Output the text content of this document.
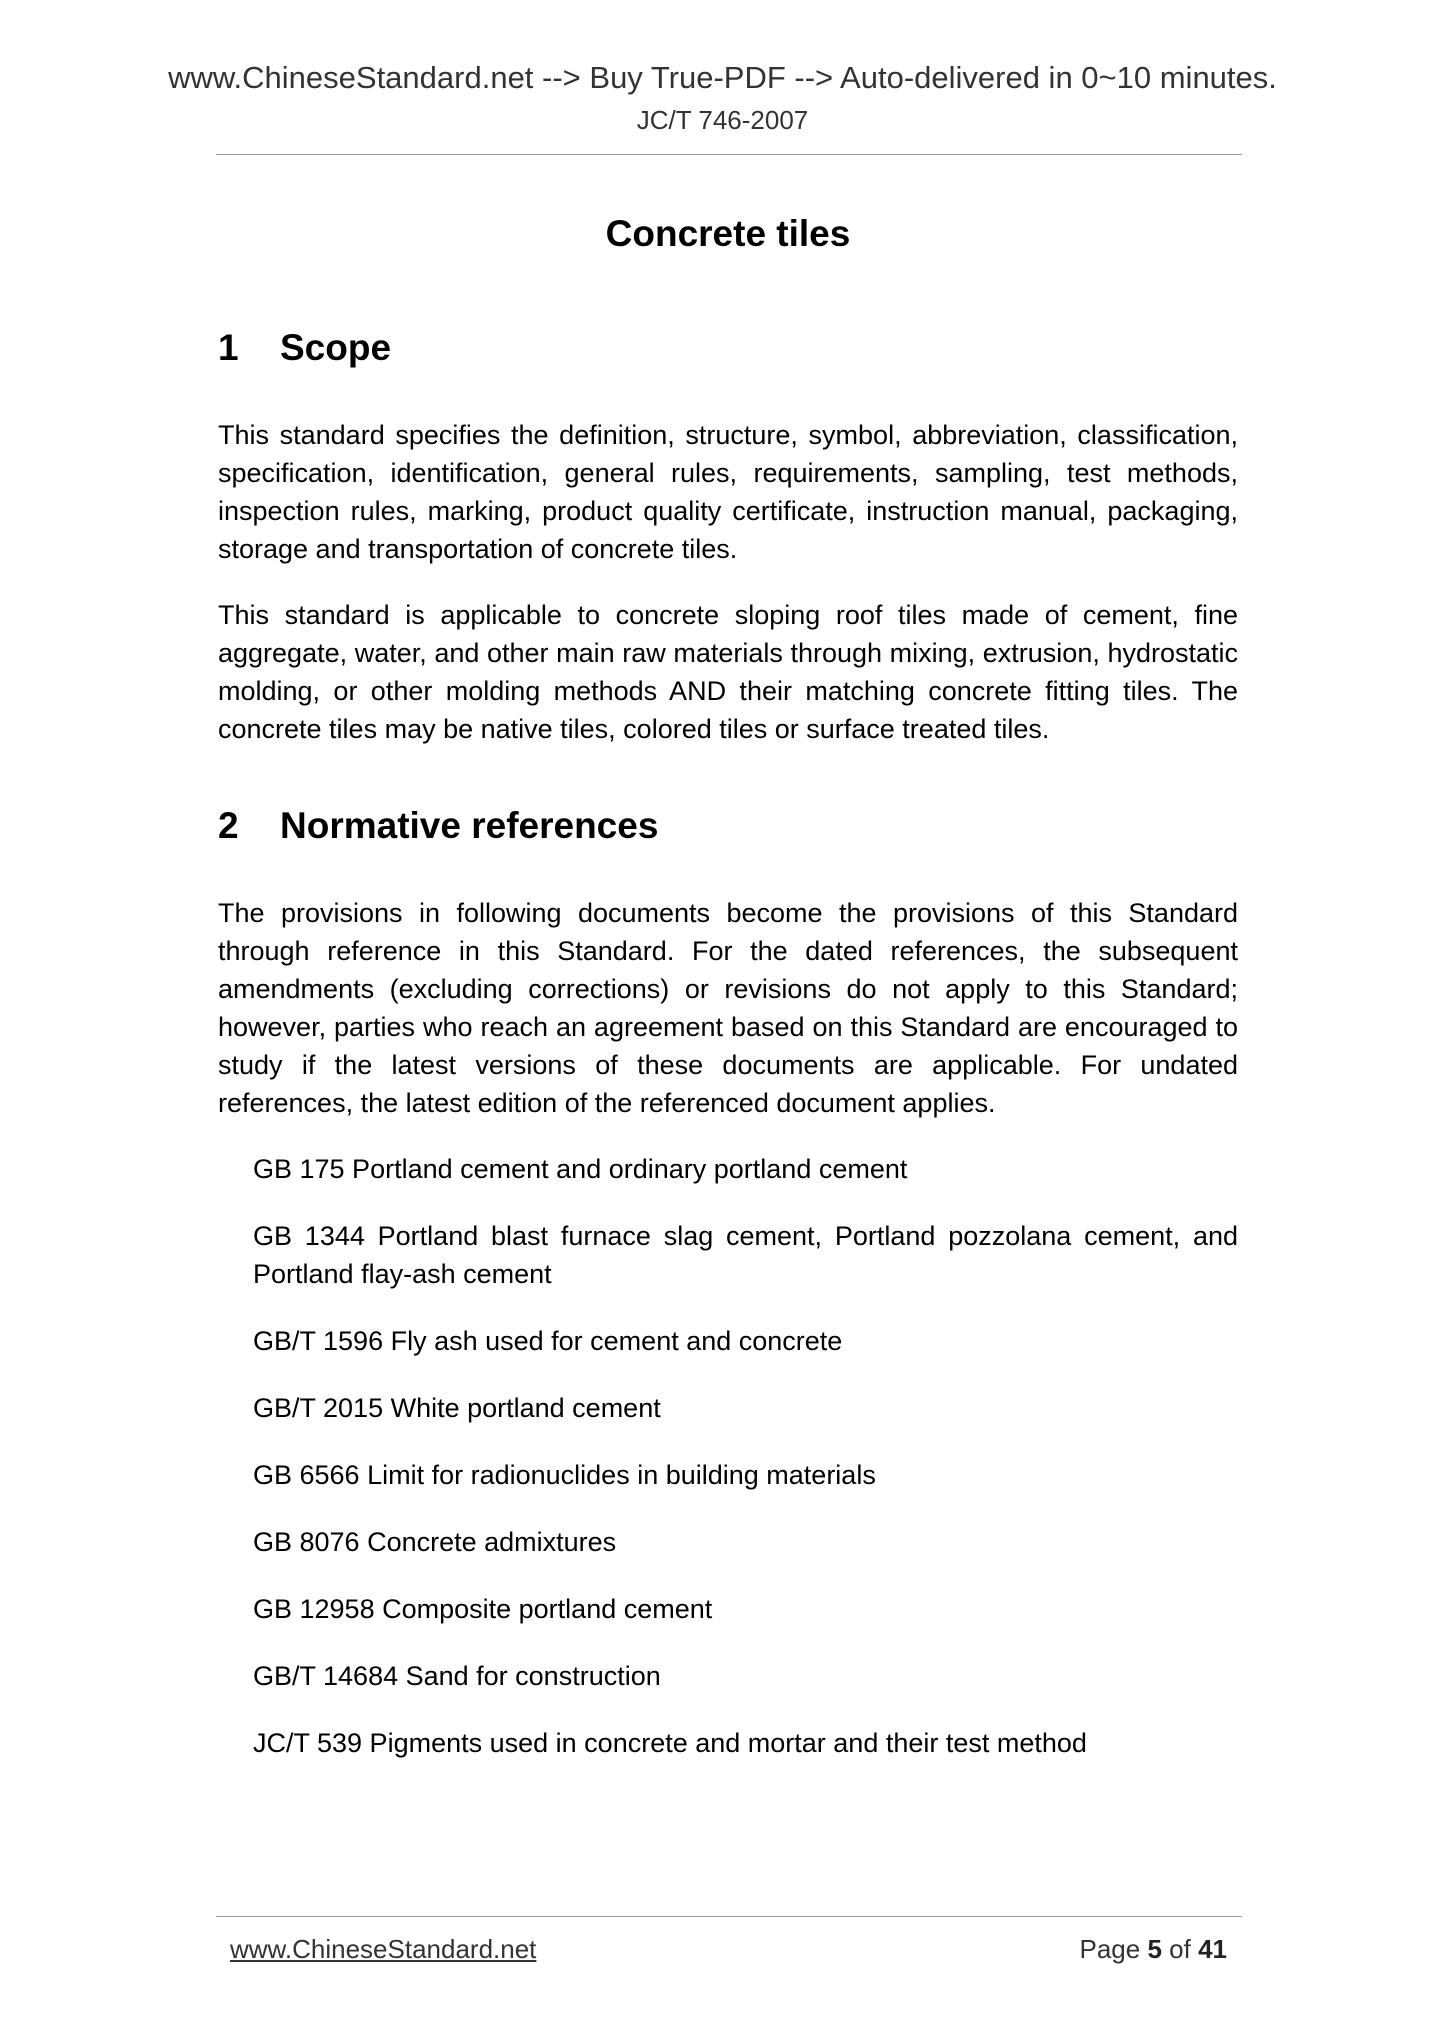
www.ChineseStandard.net --> Buy True-PDF --> Auto-delivered in 0~10 minutes.
JC/T 746-2007
Concrete tiles
1	Scope

This standard specifies the definition, structure, symbol, abbreviation, classification, specification, identification, general rules, requirements, sampling, test methods, inspection rules, marking, product quality certificate, instruction manual, packaging, storage and transportation of concrete tiles.

This standard is applicable to concrete sloping roof tiles made of cement, fine aggregate, water, and other main raw materials through mixing, extrusion, hydrostatic molding, or other molding methods AND their matching concrete fitting tiles. The concrete tiles may be native tiles, colored tiles or surface treated tiles.

2	Normative references

The provisions in following documents become the provisions of this Standard through reference in this Standard. For the dated references, the subsequent amendments (excluding corrections) or revisions do not apply to this Standard; however, parties who reach an agreement based on this Standard are encouraged to study if the latest versions of these documents are applicable. For undated references, the latest edition of the referenced document applies.

GB 175 Portland cement and ordinary portland cement
GB 1344 Portland blast furnace slag cement, Portland pozzolana cement, and Portland flay-ash cement
GB/T 1596 Fly ash used for cement and concrete
GB/T 2015 White portland cement
GB 6566 Limit for radionuclides in building materials
GB 8076 Concrete admixtures
GB 12958 Composite portland cement
GB/T 14684 Sand for construction
JC/T 539 Pigments used in concrete and mortar and their test method
www.ChineseStandard.net	Page 5 of 41
